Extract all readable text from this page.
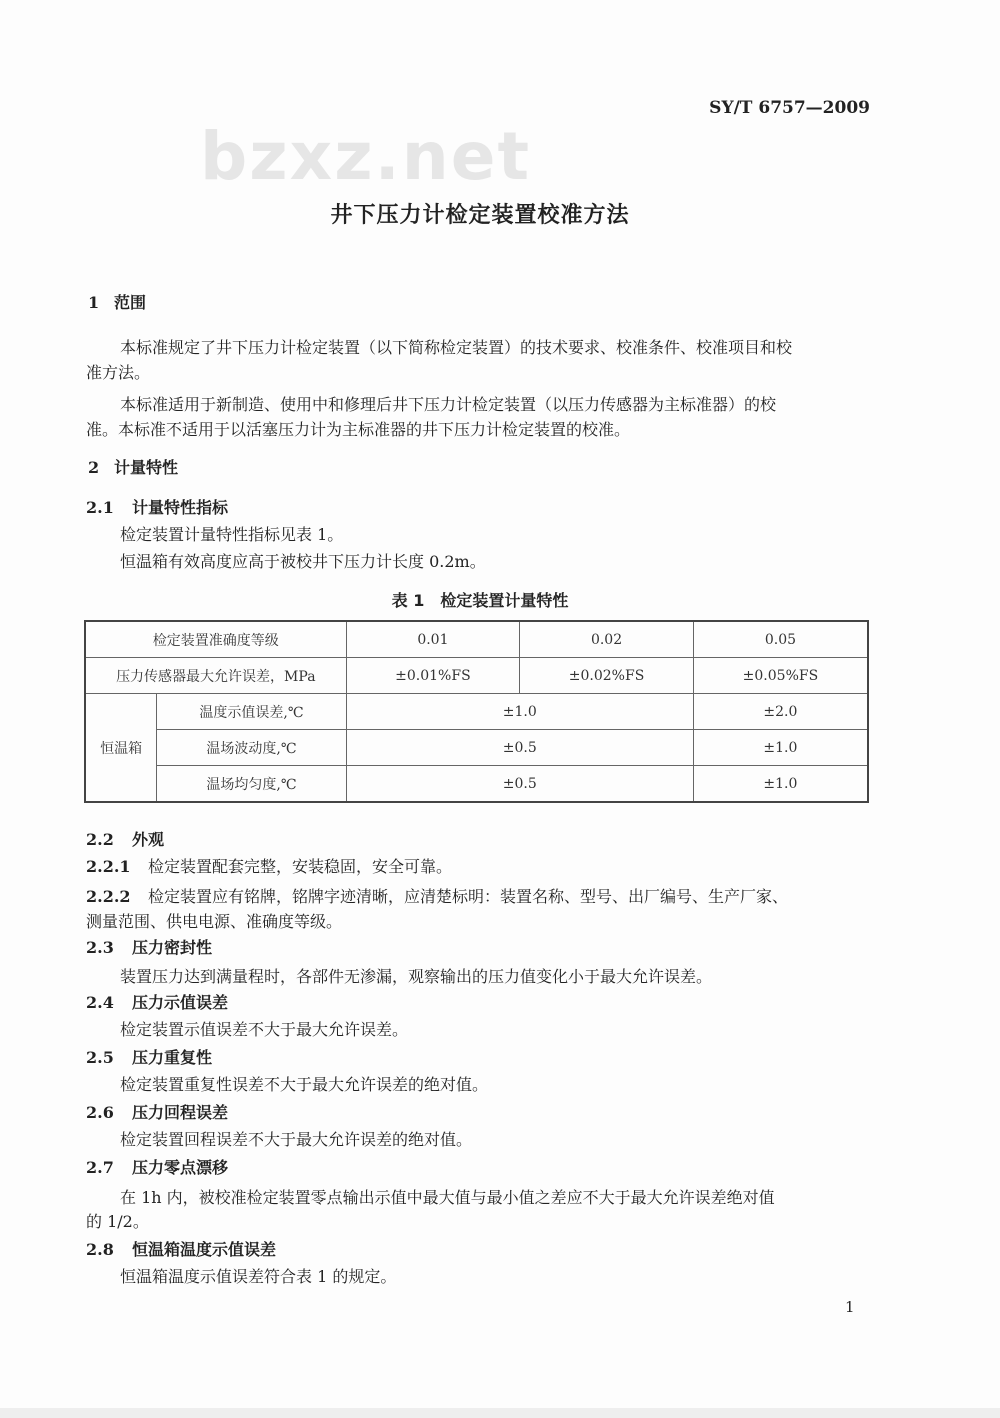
bzxz.net
SY/T 6757—2009
井下压力计检定装置校准方法
1 范围
本标准规定了井下压力计检定装置（以下简称检定装置）的技术要求、校准条件、校准项目和校
准方法。
本标准适用于新制造、使用中和修理后井下压力计检定装置（以压力传感器为主标准器）的校
准。本标准不适用于以活塞压力计为主标准器的井下压力计检定装置的校准。
2 计量特性
2.1 计量特性指标
检定装置计量特性指标见表 1。
恒温箱有效高度应高于被校井下压力计长度 0.2m。
表 1　检定装置计量特性
检定装置准确度等级		0.01	0.02	0.05
压力传感器最大允许误差，MPa		±0.01%FS	±0.02%FS	±0.05%FS
恒温箱	温度示值误差,℃	±1.0		±2.0
	温场波动度,℃	±0.5		±1.0
	温场均匀度,℃	±0.5		±1.0
2.2 外观
2.2.1 检定装置配套完整，安装稳固，安全可靠。
2.2.2 检定装置应有铭牌，铭牌字迹清晰，应清楚标明：装置名称、型号、出厂编号、生产厂家、
测量范围、供电电源、准确度等级。
2.3 压力密封性
装置压力达到满量程时，各部件无渗漏，观察输出的压力值变化小于最大允许误差。
2.4 压力示值误差
检定装置示值误差不大于最大允许误差。
2.5 压力重复性
检定装置重复性误差不大于最大允许误差的绝对值。
2.6 压力回程误差
检定装置回程误差不大于最大允许误差的绝对值。
2.7 压力零点漂移
在 1h 内，被校准检定装置零点输出示值中最大值与最小值之差应不大于最大允许误差绝对值
的 1/2。
2.8 恒温箱温度示值误差
恒温箱温度示值误差符合表 1 的规定。
1
